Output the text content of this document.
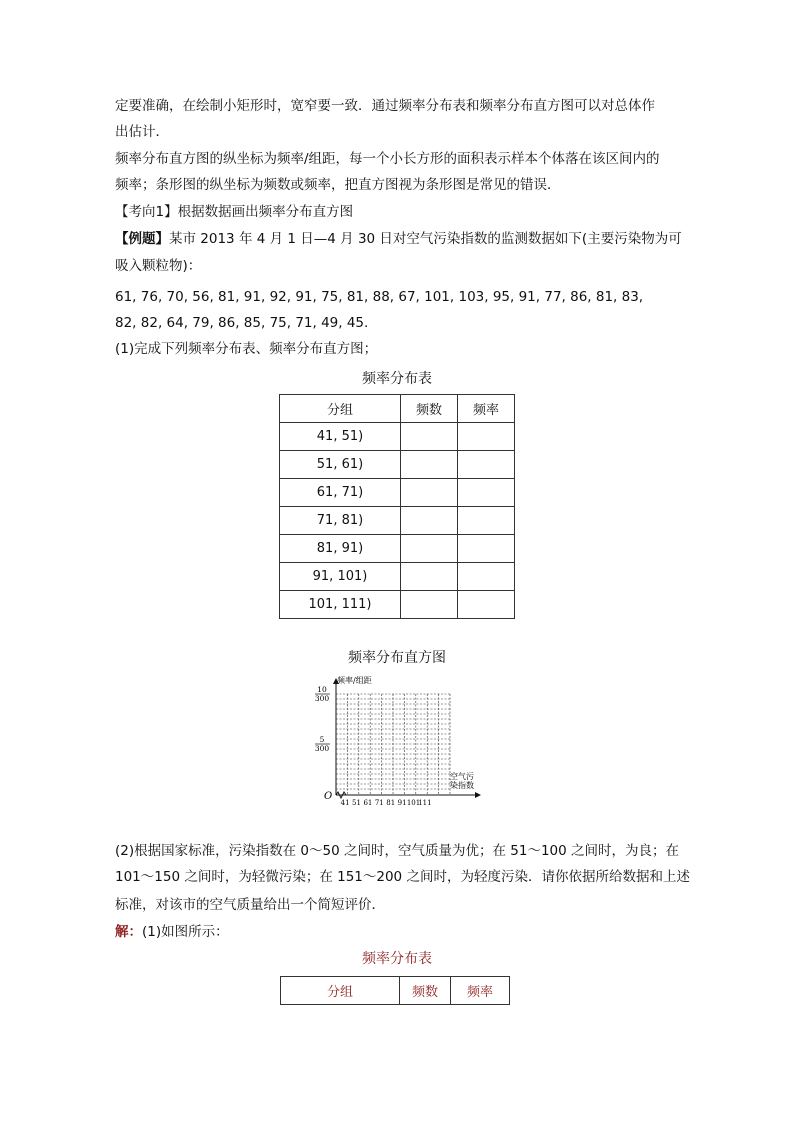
定要准确，在绘制小矩形时，宽窄要一致．通过频率分布表和频率分布直方图可以对总体作
出估计．
频率分布直方图的纵坐标为频率/组距，每一个小长方形的面积表示样本个体落在该区间内的
频率；条形图的纵坐标为频数或频率，把直方图视为条形图是常见的错误．
【考向1】根据数据画出频率分布直方图
【例题】某市 2013 年 4 月 1 日—4 月 30 日对空气污染指数的监测数据如下(主要污染物为可
吸入颗粒物)：
61, 76, 70, 56, 81, 91, 92, 91, 75, 81, 88, 67, 101, 103, 95, 91, 77, 86, 81, 83,
82, 82, 64, 79, 86, 85, 75, 71, 49, 45.
(1)完成下列频率分布表、频率分布直方图；
频率分布表
分组	频数	频率
41, 51)		
51, 61)		
61, 71)		
71, 81)		
81, 91)		
91, 101)		
101, 111)		
频率分布直方图
频率/组距
10
300
5
300
O
空气污
染指数
41 51 61 71 81 91 101
111
(2)根据国家标准，污染指数在 0～50 之间时，空气质量为优；在 51～100 之间时，为良；在
101～150 之间时，为轻微污染；在 151～200 之间时，为轻度污染．请你依据所给数据和上述
标准，对该市的空气质量给出一个简短评价．
解：(1)如图所示：
频率分布表
分组	频数	频率
